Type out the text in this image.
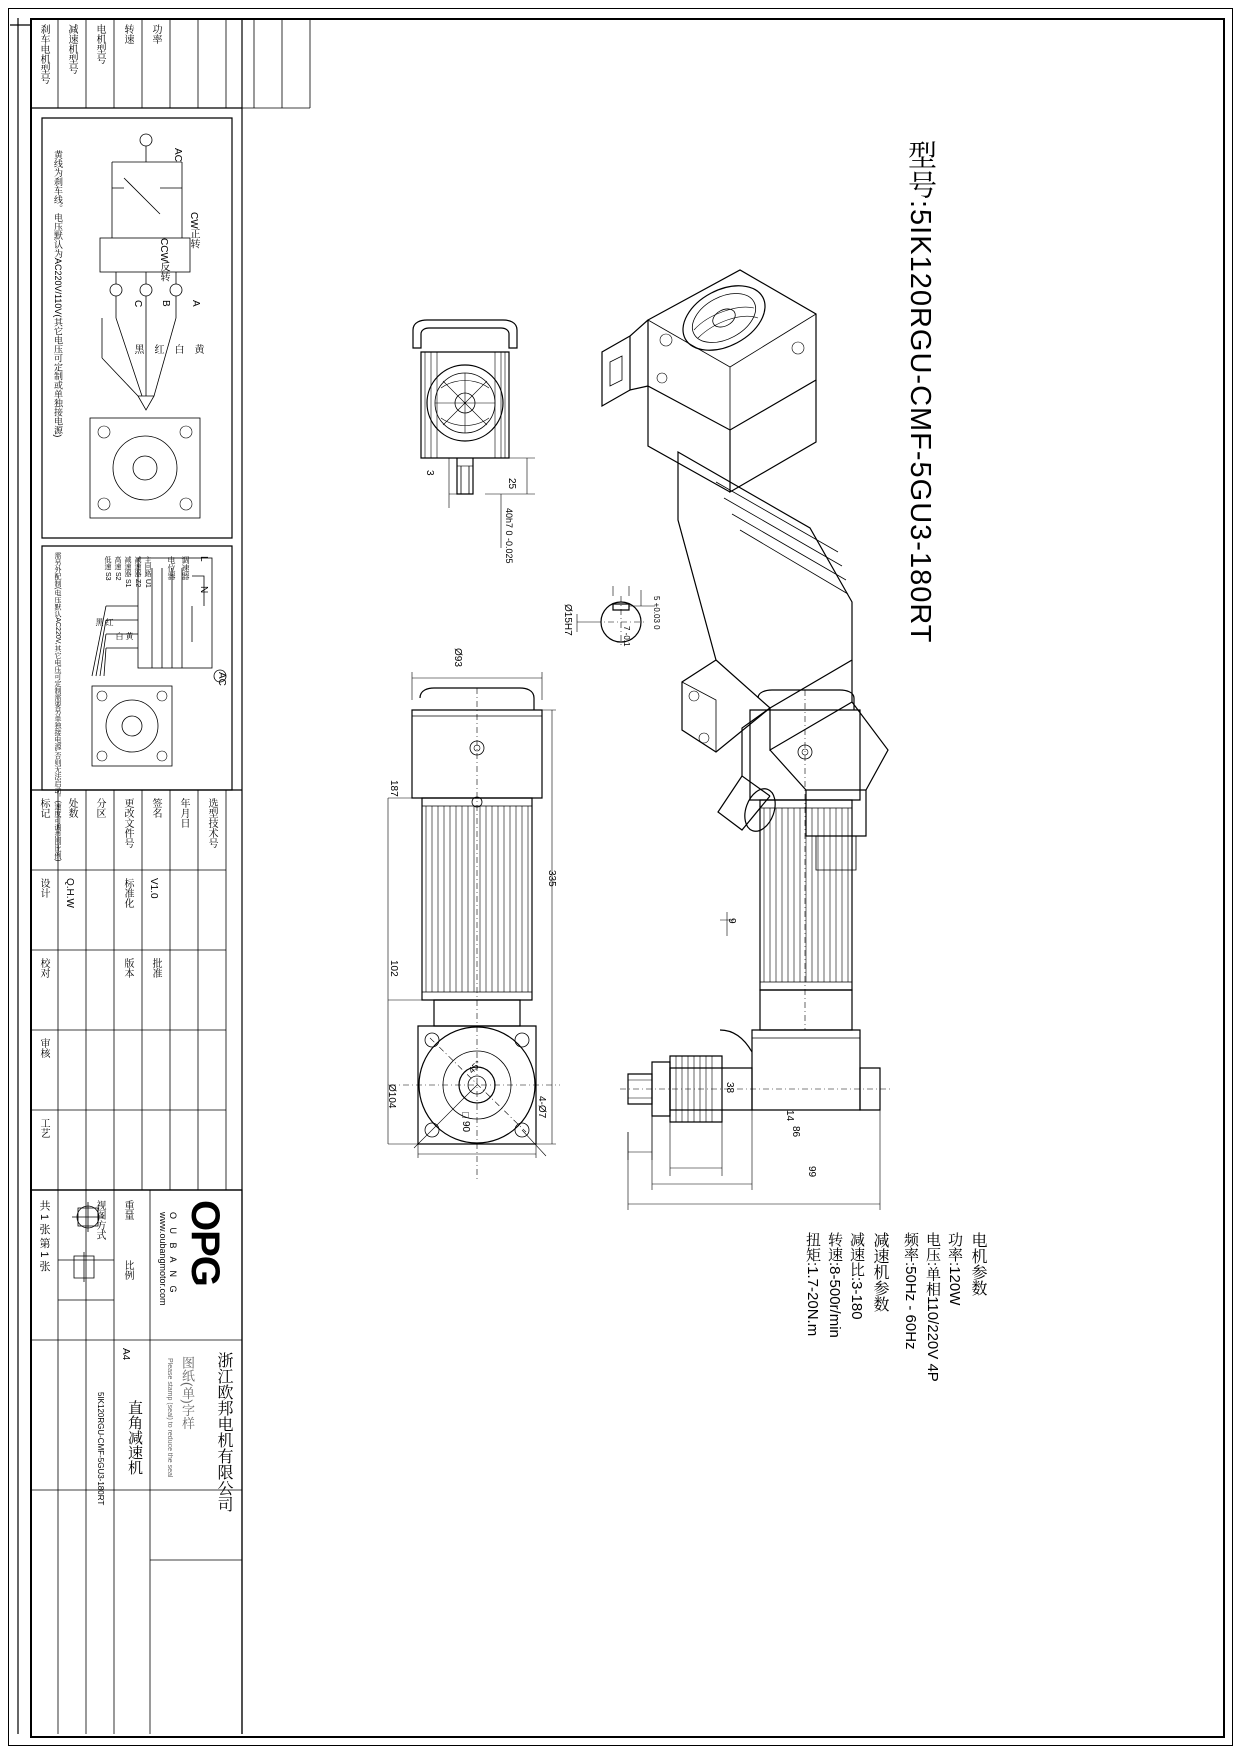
刹车电机型号 减速机型号 电机型号 转速 功率
AC
CW正转
CCW反转
A
B
C
黄
白
红
黑
黄线为刹车线。电压默认为AC220V/110V(其它电压可定制或单独接电源)
L
N
AC
调速器
电位器
主回路 U1
减速器 Z2
减速器 S1
高速 S2
低速 S3
黑 红
白 黄
需另外配制(电压默认AC220V,其它电压可定制需要另单独接电源,否则无法启动。(速度可调范围比例)
标记
设计
校对
审核
工艺
处数
Q.H.W
分区 更改文件号
标准化
版本
签名
V1.0
批准
年月日 选型技术号
OPG
O U B A N G
www.oubangmotor.com
浙江欧邦电机有限公司
图纸(单)字样
Please stamp (seal) to reduce the seal
直角减速机
5IK120RGU-CMF-5GU3-180RT
视图方式 重量
比例
A4
共 1 张 第 1 张
型号:5IK120RGU-CMF-5GU3-180RT
电机参数
功率:120W
电压:单相110/220V 4P
频率:50Hz - 60Hz
减速机参数
减速比:3-180
转速:8-500r/min
扭矩:1.7-20N.m
3
25
40h7 0 -0.025
Ø15H7	5 +0.03 0
7 -0.1
Ø93
187
335
102
Ø104
□90
4-Ø7
45°
38
14
86
99
9
